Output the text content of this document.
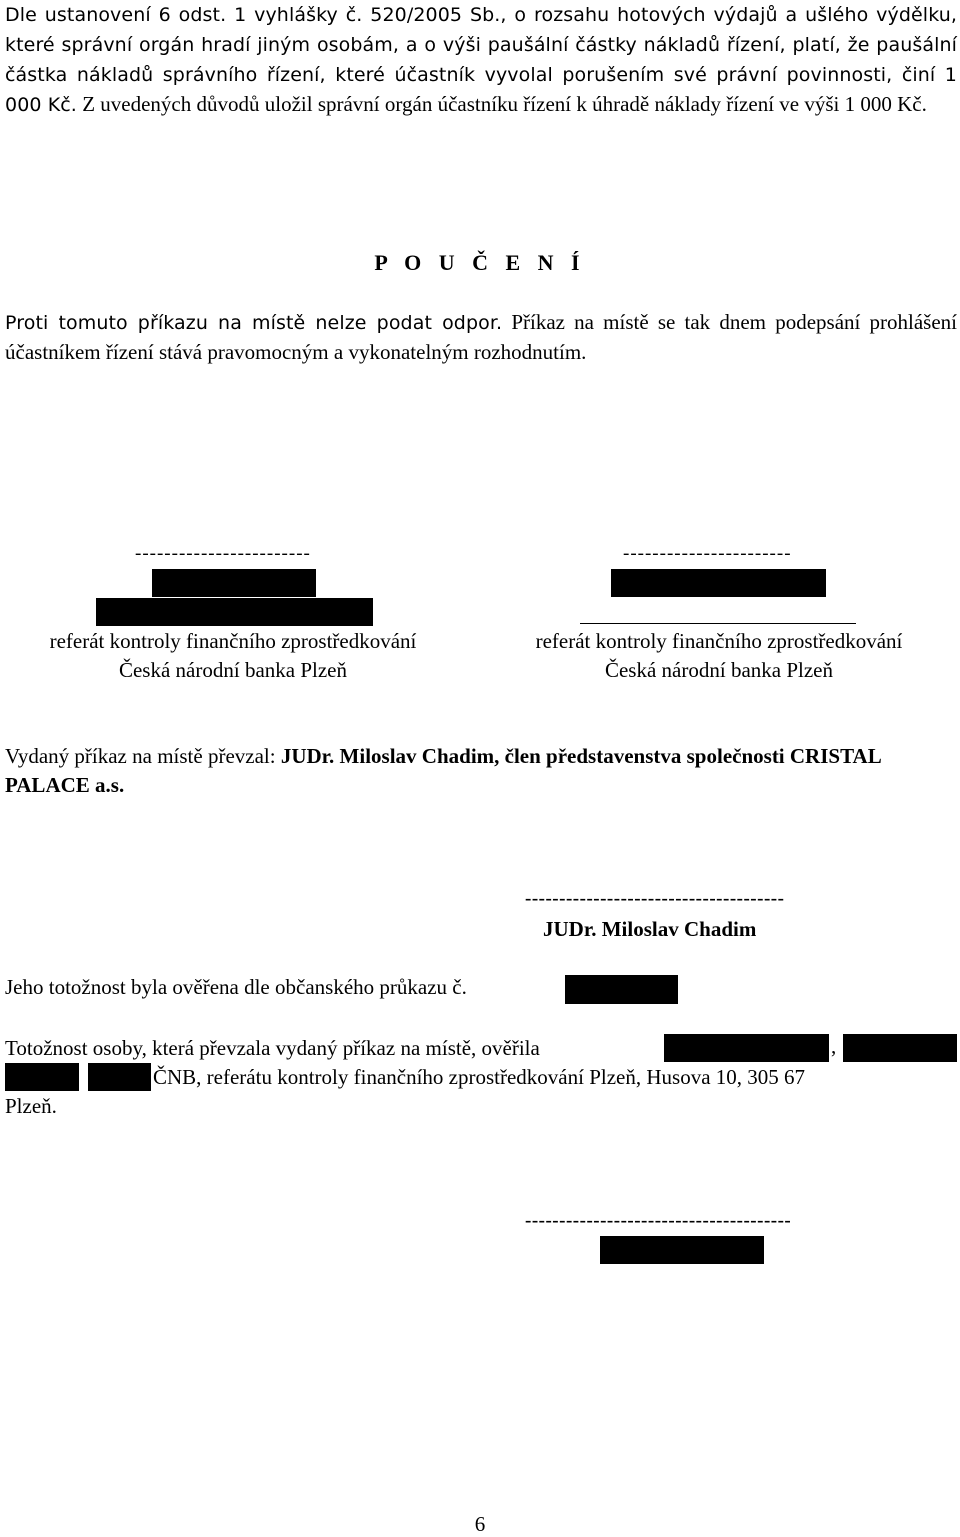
Dle ustanovení 6 odst. 1 vyhlášky č. 520/2005 Sb., o rozsahu hotových výdajů a ušlého výdělku, které správní orgán hradí jiným osobám, a o výši paušální částky nákladů řízení, platí, že paušální částka nákladů správního řízení, které účastník vyvolal porušením své právní povinnosti, činí 1 000 Kč. Z uvedených důvodů uložil správní orgán účastníku řízení k úhradě náklady řízení ve výši 1 000 Kč.

P O U Č E N Í

Proti tomuto příkazu na místě nelze podat odpor. Příkaz na místě se tak dnem podepsání prohlášení účastníkem řízení stává pravomocným a vykonatelným rozhodnutím.

------------------------
referát kontroly finančního zprostředkování
Česká národní banka Plzeň
-----------------------
referát kontroly finančního zprostředkování
Česká národní banka Plzeň
Vydaný příkaz na místě převzal: JUDr. Miloslav Chadim, člen představenstva společnosti CRISTAL PALACE a.s.
--------------------------------------
JUDr. Miloslav Chadim
Jeho totožnost byla ověřena dle občanského průkazu č.
Totožnost osoby, která převzala vydaný příkaz na místě, ověřila
ČNB, referátu kontroly finančního zprostředkování Plzeň, Husova 10, 305 67
Plzeň.
,
---------------------------------------
6
